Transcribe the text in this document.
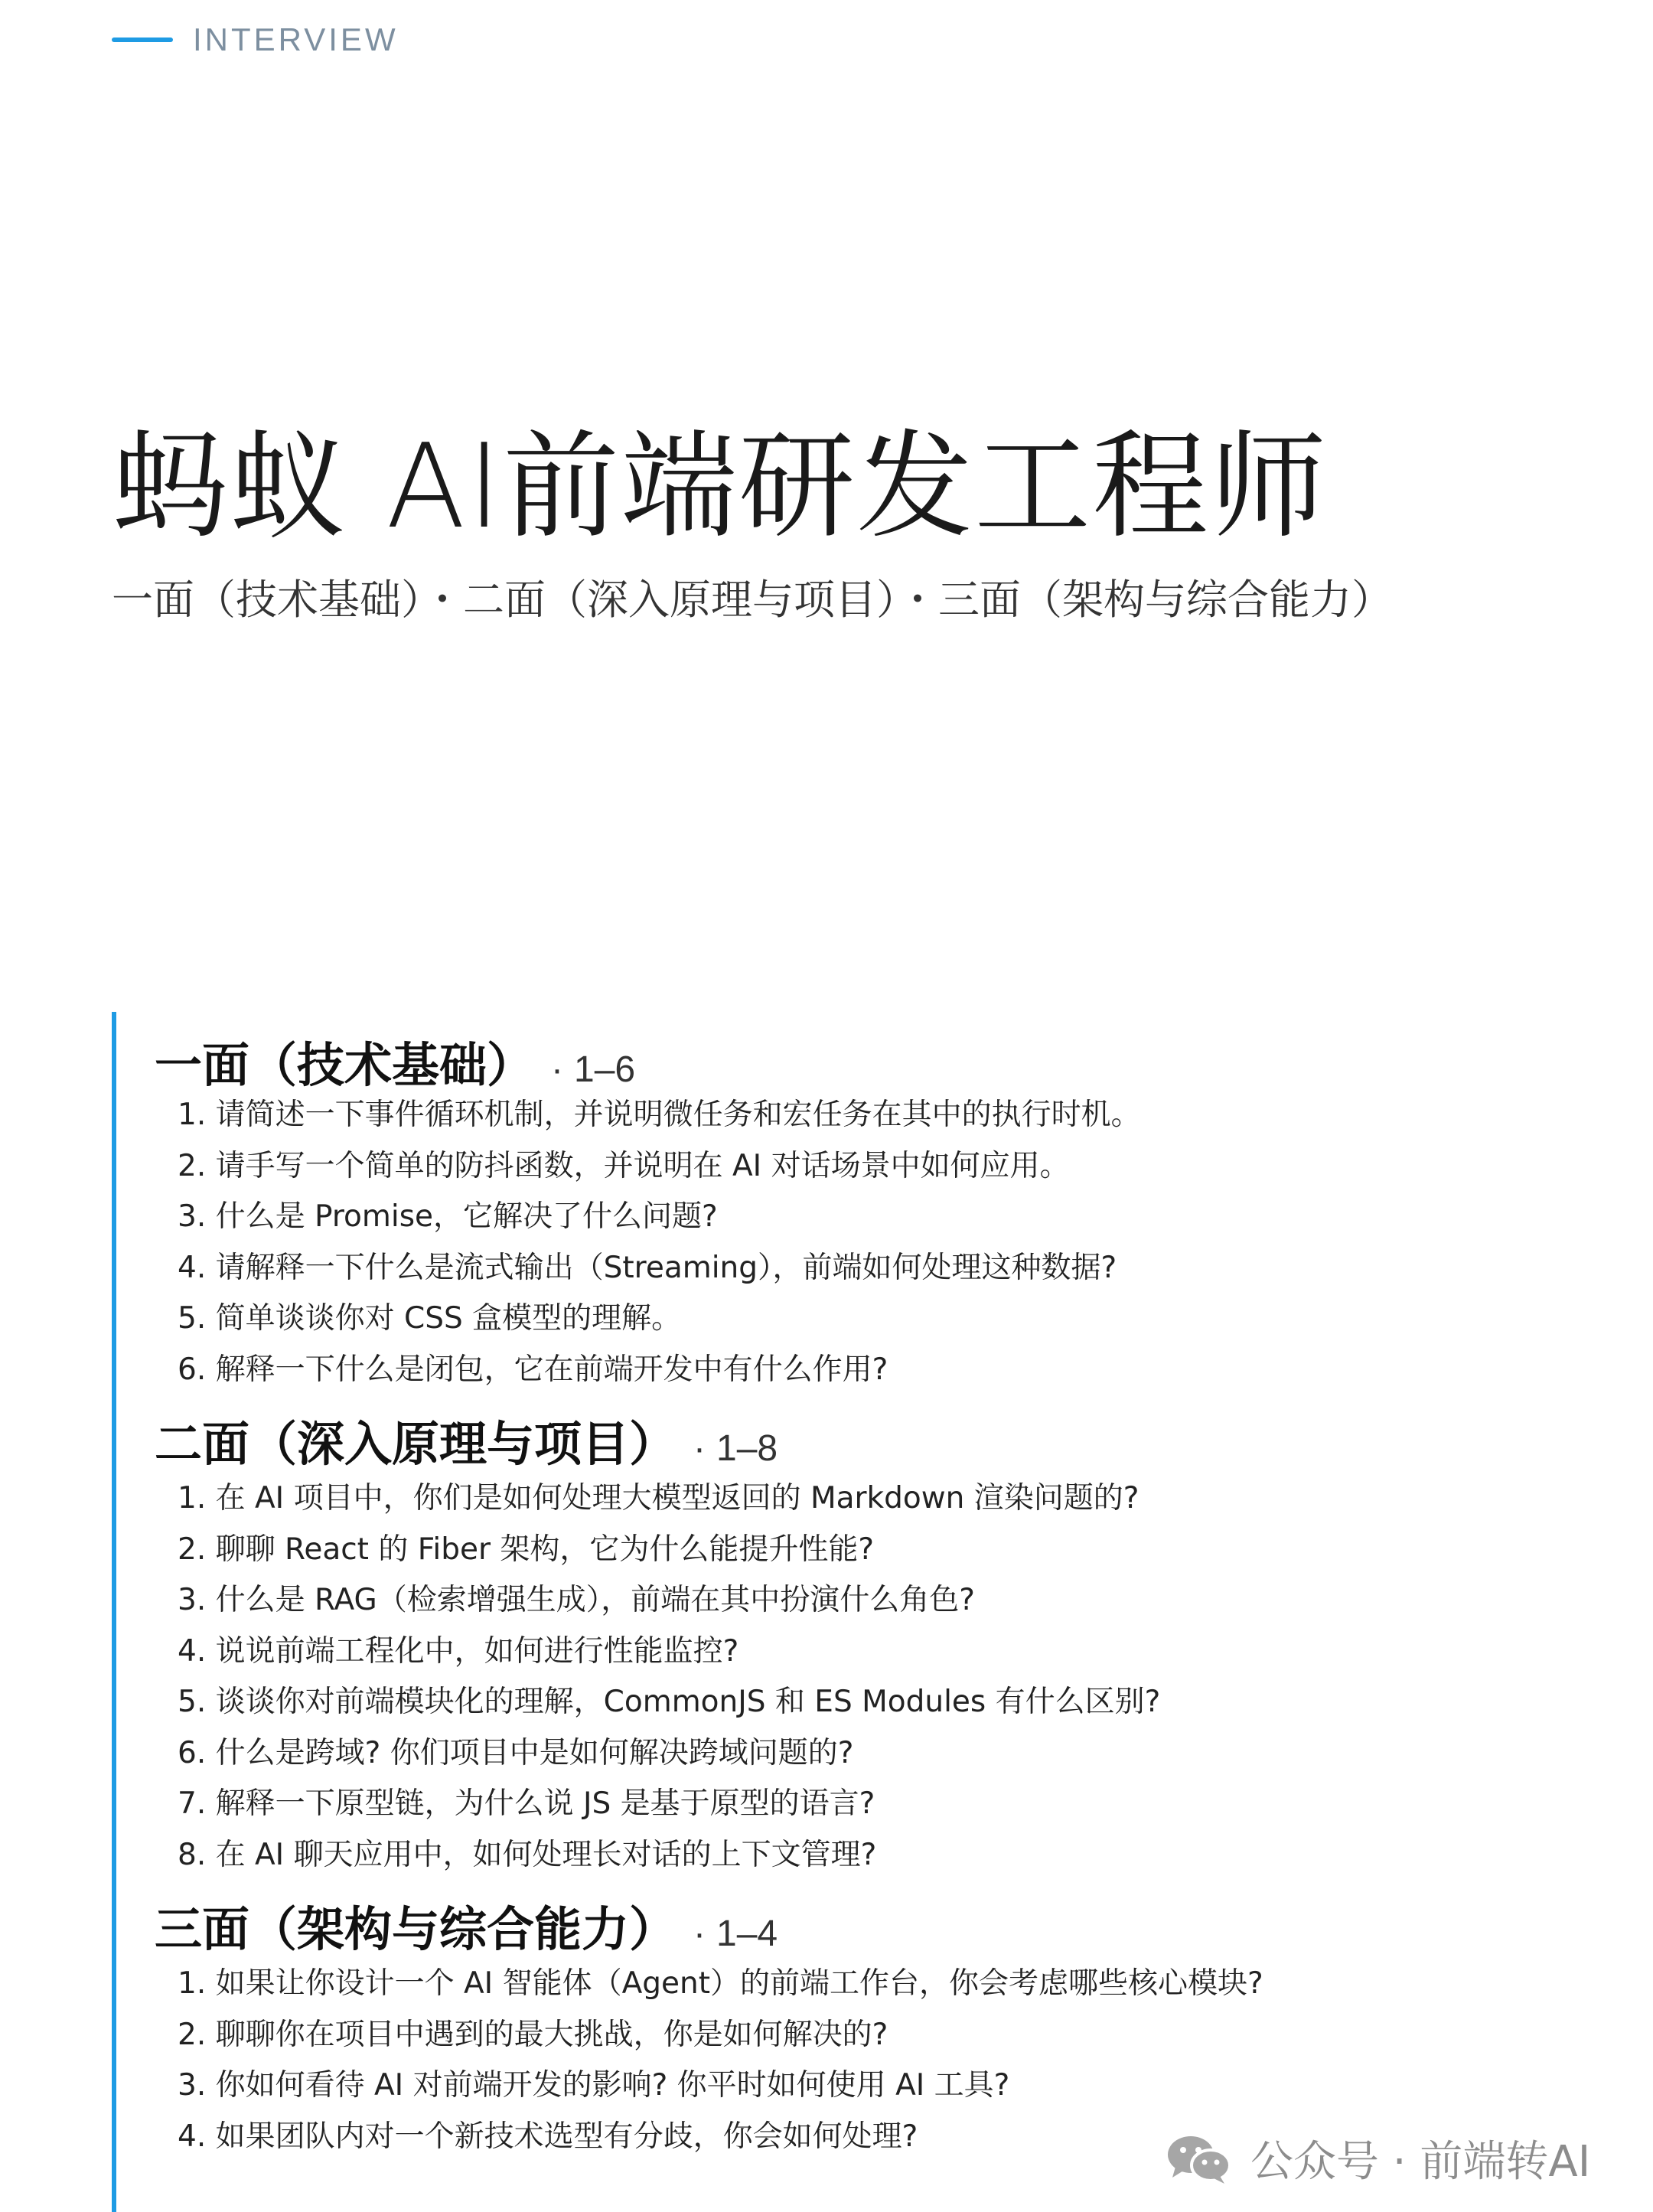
INTERVIEW
蚂蚁 AI前端研发工程师
一面（技术基础）・二面（深入原理与项目）・三面（架构与综合能力）
一面（技术基础） · 1–6
1. 请简述一下事件循环机制，并说明微任务和宏任务在其中的执行时机。
2. 请手写一个简单的防抖函数，并说明在 AI 对话场景中如何应用。
3. 什么是 Promise，它解决了什么问题?
4. 请解释一下什么是流式输出（Streaming），前端如何处理这种数据?
5. 简单谈谈你对 CSS 盒模型的理解。
6. 解释一下什么是闭包，它在前端开发中有什么作用?
二面（深入原理与项目） · 1–8
1. 在 AI 项目中，你们是如何处理大模型返回的 Markdown 渲染问题的?
2. 聊聊 React 的 Fiber 架构，它为什么能提升性能?
3. 什么是 RAG（检索增强生成），前端在其中扮演什么角色?
4. 说说前端工程化中，如何进行性能监控?
5. 谈谈你对前端模块化的理解，CommonJS 和 ES Modules 有什么区别?
6. 什么是跨域? 你们项目中是如何解决跨域问题的?
7. 解释一下原型链，为什么说 JS 是基于原型的语言?
8. 在 AI 聊天应用中，如何处理长对话的上下文管理?
三面（架构与综合能力） · 1–4
1. 如果让你设计一个 AI 智能体（Agent）的前端工作台，你会考虑哪些核心模块?
2. 聊聊你在项目中遇到的最大挑战，你是如何解决的?
3. 你如何看待 AI 对前端开发的影响? 你平时如何使用 AI 工具?
4. 如果团队内对一个新技术选型有分歧，你会如何处理?
公众号 · 前端转AI
